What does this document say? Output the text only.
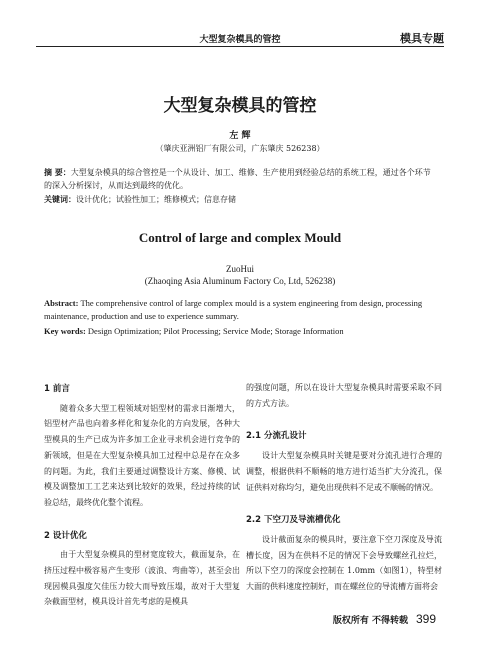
大型复杂模具的管控	模具专题
大型复杂模具的管控
左 辉
（肇庆亚洲铝厂有限公司，广东肇庆 526238）
摘 要：大型复杂模具的综合管控是一个从设计、加工、维修、生产使用到经验总结的系统工程，通过各个环节的深入分析探讨，从而达到最终的优化。
关键词：设计优化；试验性加工；维修模式；信息存储
Control of large and complex Mould
ZuoHui
(Zhaoqing Asia Aluminum Factory Co, Ltd, 526238)
Abstract: The comprehensive control of large complex mould is a system engineering from design, processing maintenance, production and use to experience summary.
Key words: Design Optimization; Pilot Processing; Service Mode; Storage Information
1 前言

随着众多大型工程领域对铝型材的需求日渐增大，铝型材产品也向着多样化和复杂化的方向发展，各种大型模具的生产已成为许多加工企业寻求机会进行竞争的新领域，但是在大型复杂模具加工过程中总是存在众多的问题。为此，我们主要通过调整设计方案、修模、试模及调整加工工艺来达到比较好的效果，经过持续的试验总结，最终优化整个流程。

2 设计优化

由于大型复杂模具的型材宽度较大，截面复杂，在挤压过程中极容易产生变形（波浪、弯曲等），甚至会出现因模具强度欠佳压力较大而导致压塌，故对于大型复杂截面型材，模具设计首先考虑的是模具

的强度问题，所以在设计大型复杂模具时需要采取不同的方式方法。

2.1 分流孔设计

设计大型复杂模具时关键是要对分流孔进行合理的调整，根据供料不顺畅的地方进行适当扩大分流孔，保证供料对称均匀，避免出现供料不足或不顺畅的情况。

2.2 下空刀及导流槽优化

设计截面复杂的模具时，要注意下空刀深度及导流槽长度，因为在供料不足的情况下会导致螺丝孔拉烂，所以下空刀的深度会控制在 1.0mm（如图1），特型材大面的供料速度控制好，而在螺丝位的导流槽方面将会

版权所有 不得转载 399
